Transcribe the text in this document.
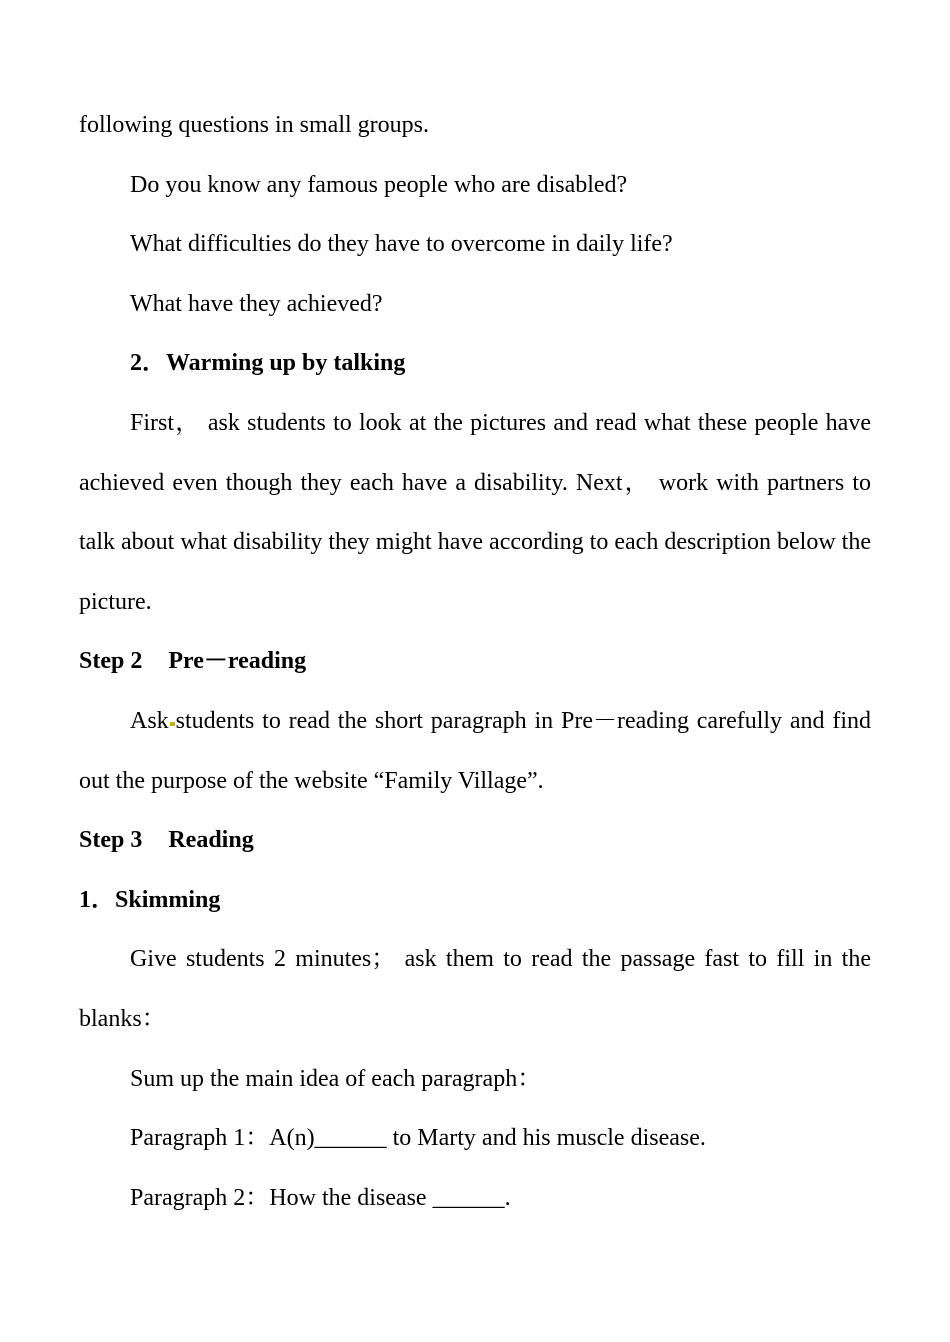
following questions in small groups.
Do you know any famous people who are disabled?
What difficulties do they have to overcome in daily life?
What have they achieved?
2．Warming up by talking
First， ask students to look at the pictures and read what these people have achieved even though they each have a disability. Next， work with partners to talk about what disability they might have according to each description below the picture.
Step 2 Pre－reading
Ask students to read the short paragraph in Pre－reading carefully and find out the purpose of the website “Family Village”.
Step 3 Reading
1．Skimming
Give students 2 minutes； ask them to read the passage fast to fill in the blanks：
Sum up the main idea of each paragraph：
Paragraph 1：A(n)______ to Marty and his muscle disease.
Paragraph 2：How the disease ______.
